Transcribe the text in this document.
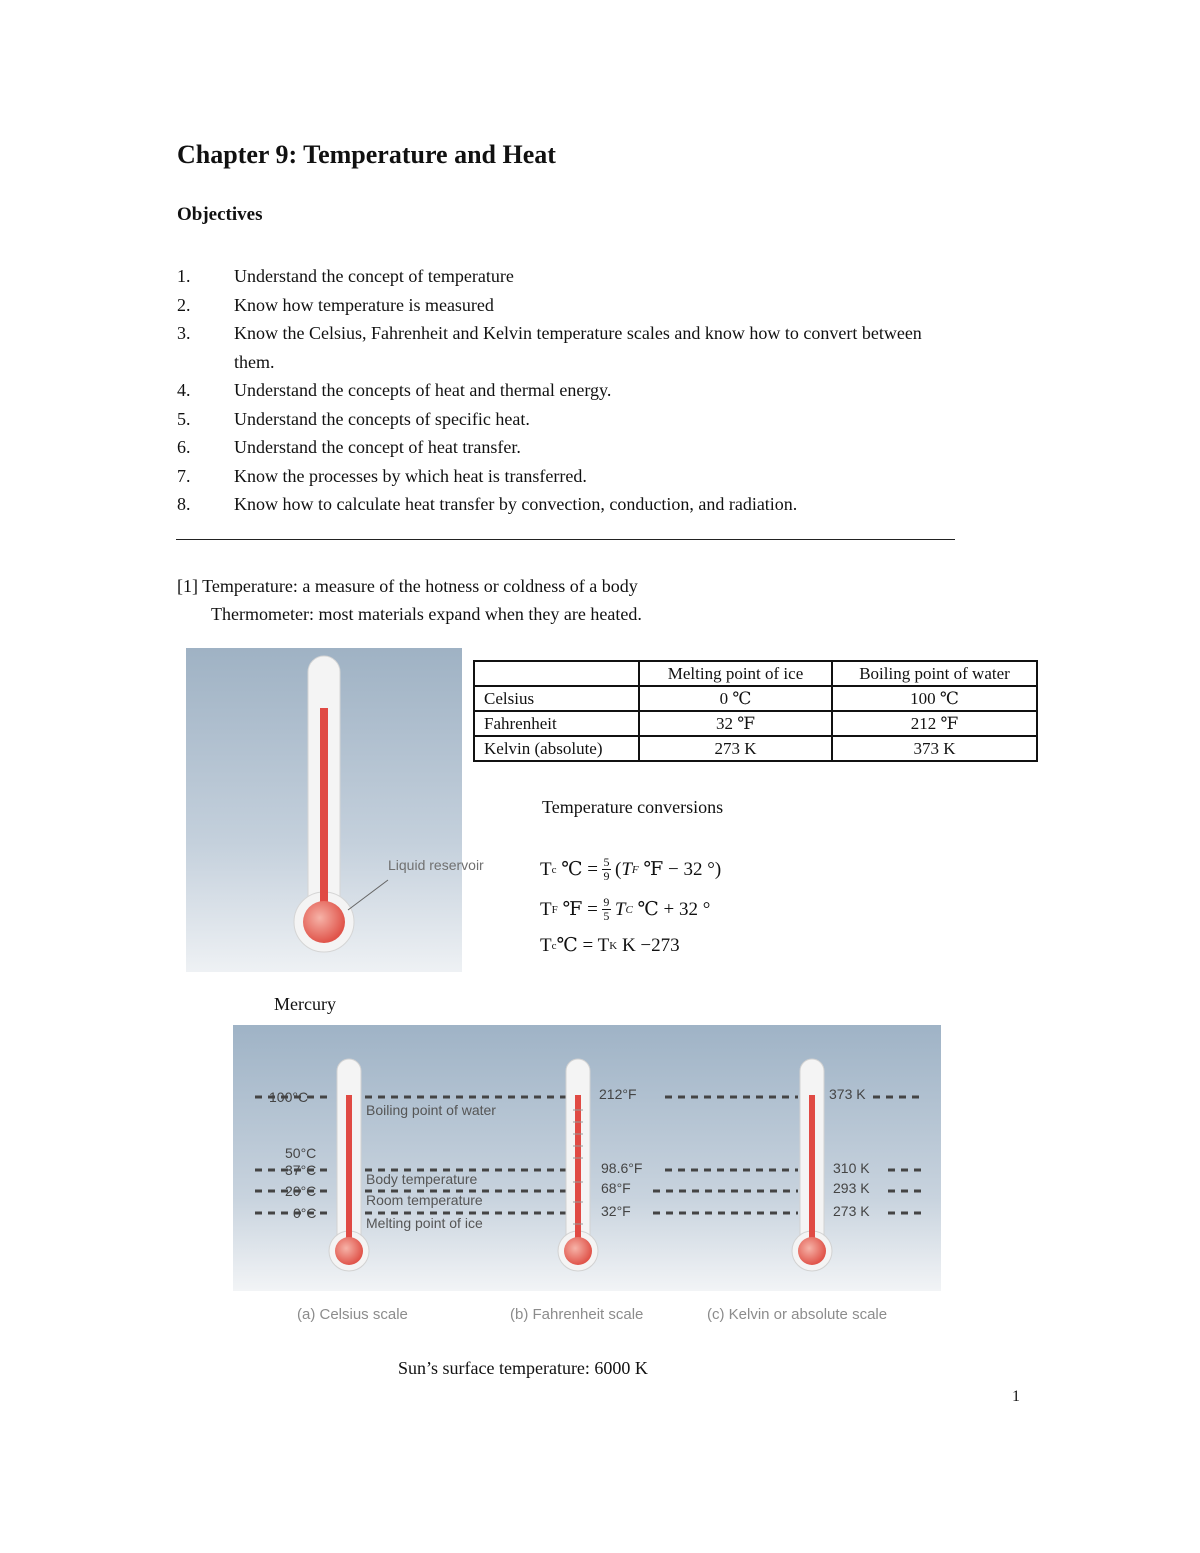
Chapter 9: Temperature and Heat
Objectives
1.	Understand the concept of temperature
2.	Know how temperature is measured
3.	Know the Celsius, Fahrenheit and Kelvin temperature scales and know how to convert between them.
4.	Understand the concepts of heat and thermal energy.
5.	Understand the concepts of specific heat.
6.	Understand the concept of heat transfer.
7.	Know the processes by which heat is transferred.
8.	Know how to calculate heat transfer by convection, conduction, and radiation.
[1] Temperature: a measure of the hotness or coldness of a body
Thermometer: most materials expand when they are heated.
Liquid reservoir
	Melting point of ice	Boiling point of water
Celsius	0 ℃	100 ℃
Fahrenheit	32 ℉	212 ℉
Kelvin (absolute)	273 K	373 K
Temperature conversions
T c
℃ = $\frac{5}{9}$ ( T F
℉ − 32 °)
T F
℉ = $\frac{9}{5}$ T C
℃ + 32 °
T c ℃ = T K
K −273
Mercury
100°C
50°C
37°C
20°C
0°C
Boiling point of water
Body temperature
Room temperature
Melting point of ice
212°F
98.6°F
68°F
32°F
373 K
310 K
293 K
273 K
(a) Celsius scale	(b) Fahrenheit scale	(c) Kelvin or absolute scale
Sun’s surface temperature: 6000 K
1
